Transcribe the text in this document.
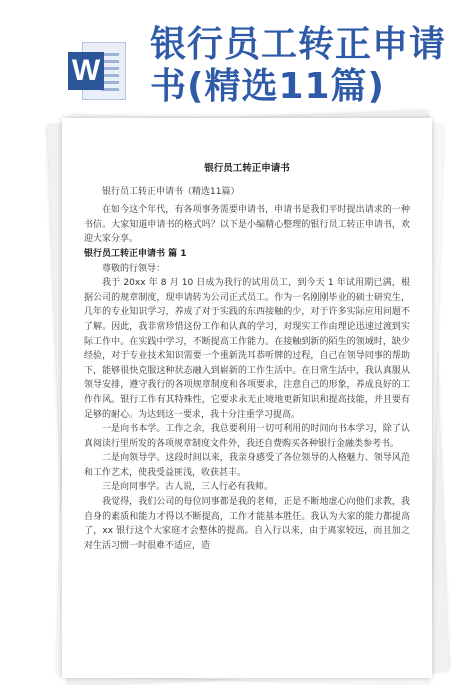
W
银行员工转正申请书(精选11篇)
银行员工转正申请书

银行员工转正申请书（精选11篇）

在如今这个年代，有各项事务需要申请书，申请书是我们平时提出请求的一种书信。大家知道申请书的格式吗？以下是小编精心整理的银行员工转正申请书，欢迎大家分享。

银行员工转正申请书 篇 1

尊敬的行领导：

我于 20xx 年 8 月 10 日成为我行的试用员工，到今天 1 年试用期已满，根据公司的规章制度，现申请转为公司正式员工。作为一名刚刚毕业的硕士研究生，几年的专业知识学习，养成了对于实践的东西接触的少，对于许多实际应用问题不了解。因此，我非常珍惜这份工作和认真的学习，对现实工作由理论迅速过渡到实际工作中。在实践中学习，不断提高工作能力。在接触到新的陌生的领域时，缺少经验，对于专业技术知识需要一个重新洗耳恭听牌的过程，自己在领导同事的帮助下，能够很快克服这种状态融入到崭新的工作生活中。在日常生活中，我认真服从领导安排，遵守我行的各项规章制度和各项要求，注意自己的形象，养成良好的工作作风。银行工作有其特殊性，它要求永无止境地更新知识和提高技能，并且要有足够的耐心。为达到这一要求，我十分注重学习提高。

一是向书本学。工作之余，我总要利用一切可利用的时间向书本学习，除了认真阅读行里所发的各项规章制度文件外，我还自费购买各种银行金融类参考书。

二是向领导学。这段时间以来，我亲身感受了各位领导的人格魅力、领导风范和工作艺术，使我受益匪浅，收获甚丰。

三是向同事学。古人说，三人行必有我师。

我觉得，我们公司的每位同事都是我的老师，正是不断地虚心向他们求教，我自身的素质和能力才得以不断提高，工作才能基本胜任。我认为大家的能力都提高了，xx 银行这个大家庭才会整体的提高。自入行以来，由于离家较远，而且加之对生活习惯一时很难不适应，造
